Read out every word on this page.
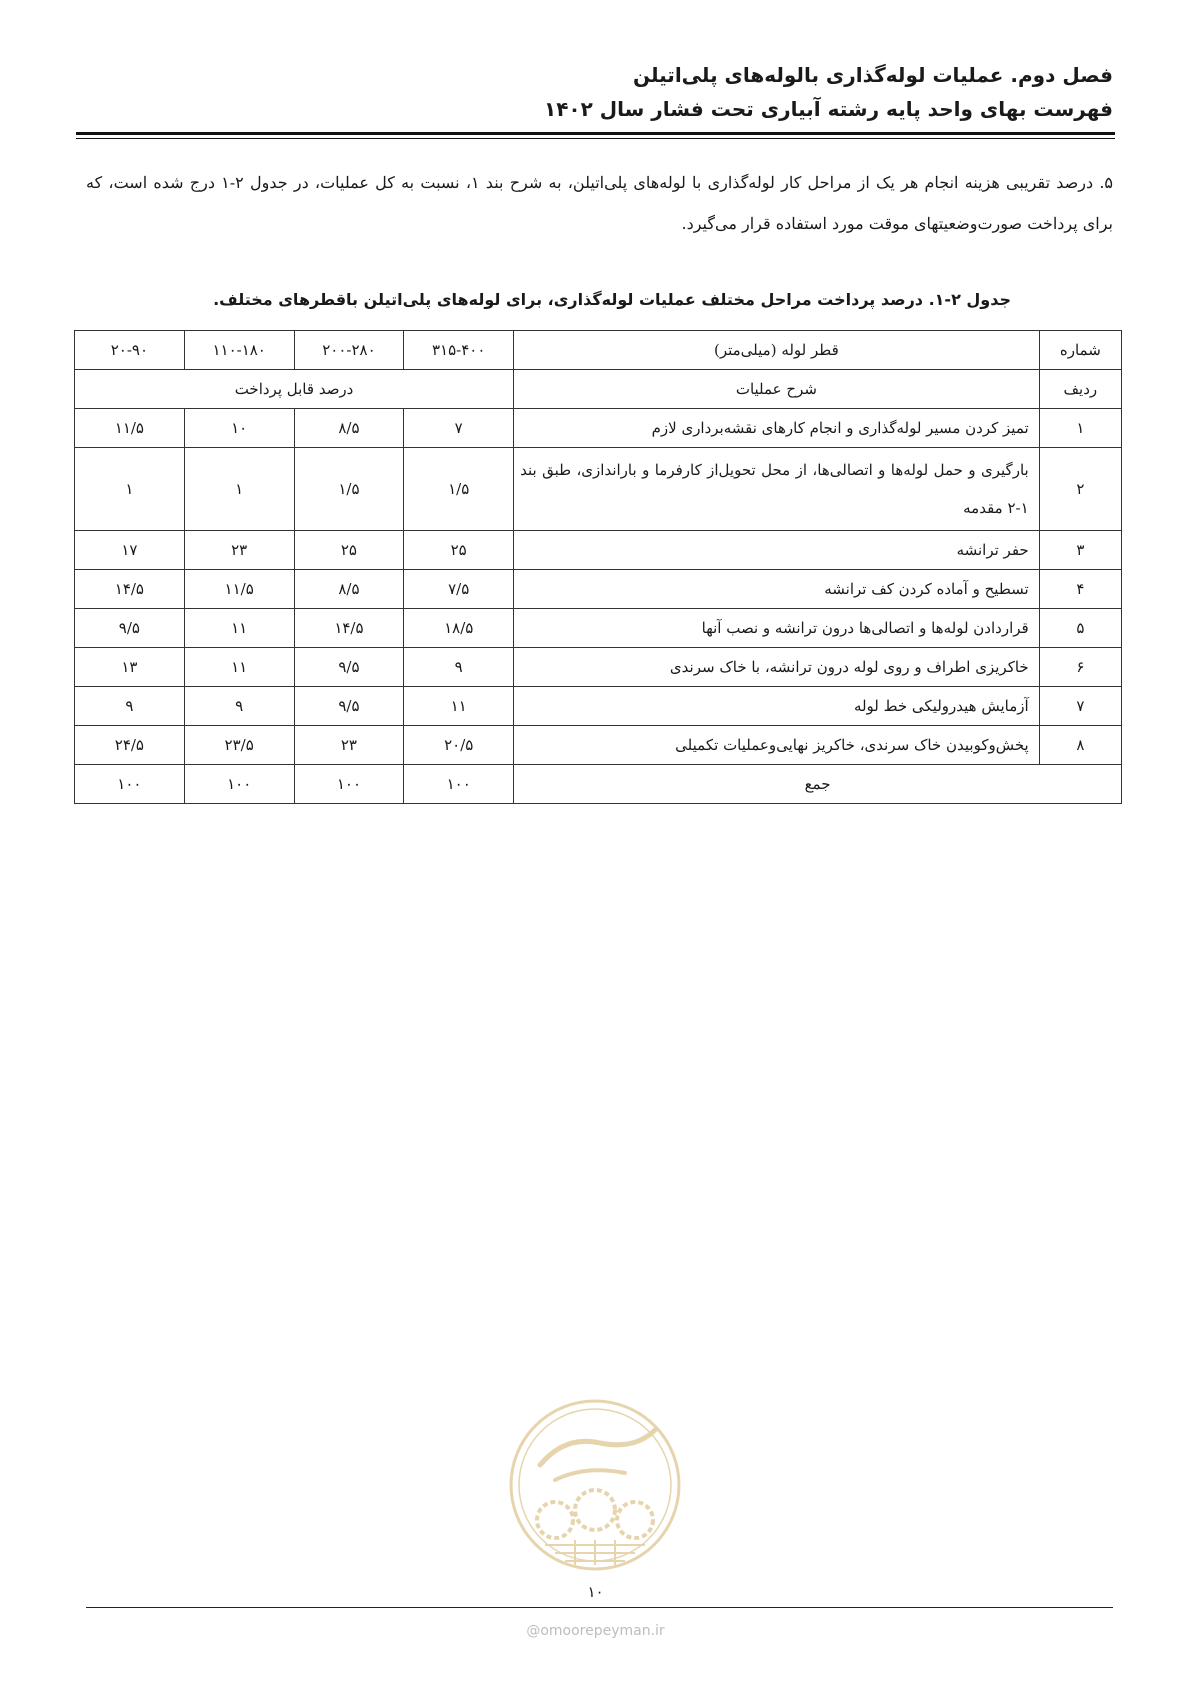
فصل دوم. عملیات لوله‌گذاری بالوله‌های پلی‌اتیلن
فهرست بهای واحد پایه رشته آبیاری تحت فشار سال ۱۴۰۲
۵. درصد تقریبی هزینه انجام هر یک از مراحل کار لوله‌گذاری با لوله‌های پلی‌اتیلن، به شرح بند ۱، نسبت به کل عملیات، در جدول ۲-۱ درج شده است، که برای پرداخت صورت‌وضعیتهای موقت مورد استفاده قرار می‌گیرد.
جدول ۲-۱. درصد پرداخت مراحل مختلف عملیات لوله‌گذاری، برای لوله‌های پلی‌اتیلن باقطرهای مختلف.
شماره	قطر لوله (میلی‌متر)	۳۱۵-۴۰۰	۲۰۰-۲۸۰	۱۱۰-۱۸۰	۲۰-۹۰
ردیف	شرح عملیات	درصد قابل پرداخت			
۱	تمیز کردن مسیر لوله‌گذاری و انجام کارهای نقشه‌برداری لازم	۷	۸/۵	۱۰	۱۱/۵
۲	بارگیری و حمل لوله‌ها و اتصالی‌ها، از محل تحویل‌از کارفرما و باراندازی، طبق بند ۱-۲ مقدمه	۱/۵	۱/۵	۱	۱
۳	حفر ترانشه	۲۵	۲۵	۲۳	۱۷
۴	تسطیح و آماده کردن کف ترانشه	۷/۵	۸/۵	۱۱/۵	۱۴/۵
۵	قراردادن لوله‌ها و اتصالی‌ها درون ترانشه و نصب آنها	۱۸/۵	۱۴/۵	۱۱	۹/۵
۶	خاکریزی اطراف و روی لوله درون ترانشه، با خاک سرندی	۹	۹/۵	۱۱	۱۳
۷	آزمایش هیدرولیکی خط لوله	۱۱	۹/۵	۹	۹
۸	پخش‌وکوبیدن خاک سرندی، خاکریز نهایی‌وعملیات تکمیلی	۲۰/۵	۲۳	۲۳/۵	۲۴/۵
جمع		۱۰۰	۱۰۰	۱۰۰	۱۰۰
۱۰
@omoorepeyman.ir
